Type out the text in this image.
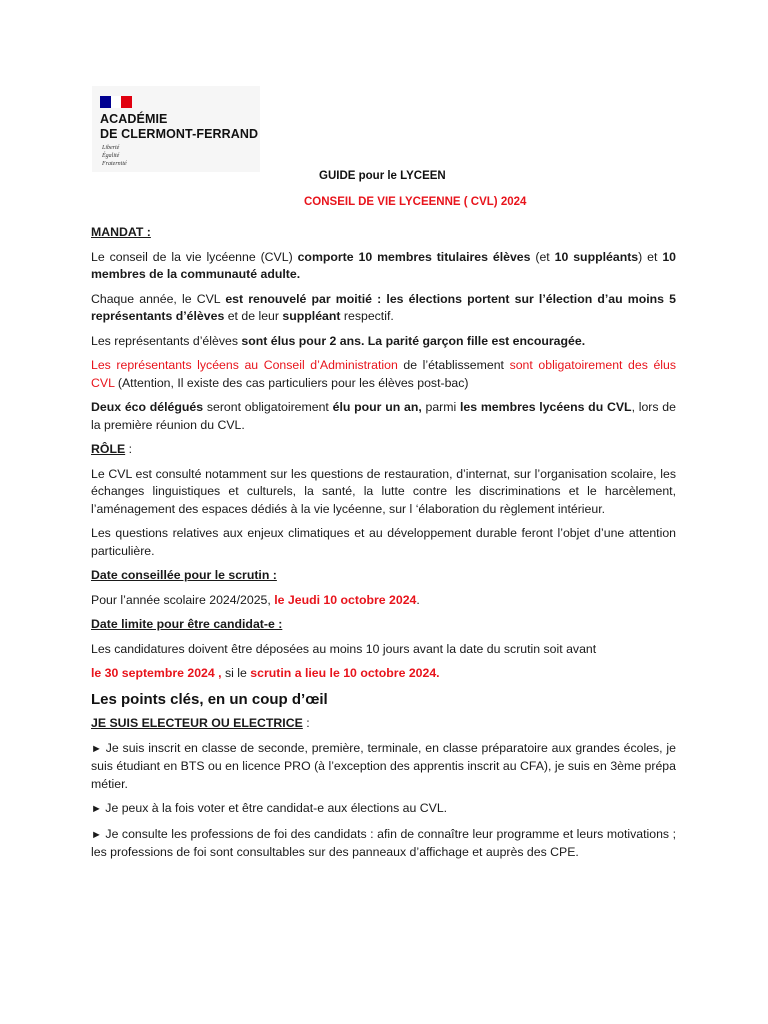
ACADÉMIE
DE CLERMONT-FERRAND
Liberté
Égalité
Fraternité
GUIDE pour le LYCEEN
CONSEIL DE VIE LYCEENNE ( CVL) 2024
MANDAT :

Le conseil de la vie lycéenne (CVL) comporte 10 membres titulaires élèves (et 10 suppléants) et 10 membres de la communauté adulte.

Chaque année, le CVL est renouvelé par moitié : les élections portent sur l’élection d’au moins 5 représentants d’élèves et de leur suppléant respectif.

Les représentants d’élèves sont élus pour 2 ans. La parité garçon fille est encouragée.

Les représentants lycéens au Conseil d’Administration de l’établissement sont obligatoirement des élus CVL (Attention, Il existe des cas particuliers pour les élèves post-bac)

Deux éco délégués seront obligatoirement élu pour un an, parmi les membres lycéens du CVL, lors de la première réunion du CVL.

RÔLE :

Le CVL est consulté notamment sur les questions de restauration, d’internat, sur l’organisation scolaire, les échanges linguistiques et culturels, la santé, la lutte contre les discriminations et le harcèlement, l’aménagement des espaces dédiés à la vie lycéenne, sur l ‘élaboration du règlement intérieur.

Les questions relatives aux enjeux climatiques et au développement durable feront l’objet d’une attention particulière.

Date conseillée pour le scrutin :

Pour l’année scolaire 2024/2025, le Jeudi 10 octobre 2024.

Date limite pour être candidat-e :

Les candidatures doivent être déposées au moins 10 jours avant la date du scrutin soit avant

le 30 septembre 2024 , si le scrutin a lieu le 10 octobre 2024.

Les points clés, en un coup d’œil
JE SUIS ELECTEUR OU ELECTRICE :

► Je suis inscrit en classe de seconde, première, terminale, en classe préparatoire aux grandes écoles, je suis étudiant en BTS ou en licence PRO (à l’exception des apprentis inscrit au CFA), je suis en 3ème prépa métier.

► Je peux à la fois voter et être candidat-e aux élections au CVL.

► Je consulte les professions de foi des candidats : afin de connaître leur programme et leurs motivations ; les professions de foi sont consultables sur des panneaux d’affichage et auprès des CPE.
